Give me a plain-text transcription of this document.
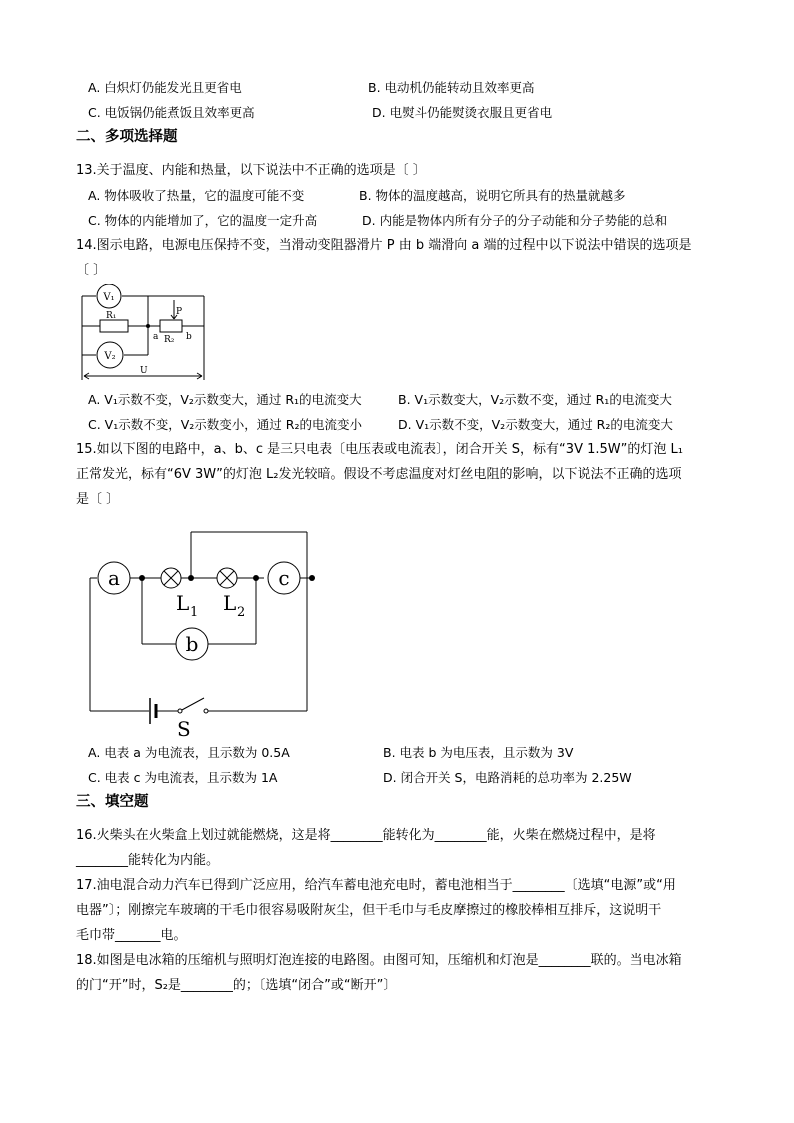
A. 白炽灯仍能发光且更省电	B. 电动机仍能转动且效率更高
C. 电饭锅仍能煮饭且效率更高	D. 电熨斗仍能熨烫衣服且更省电
二、多项选择题
13.关于温度、内能和热量，以下说法中不正确的选项是〔 〕
A. 物体吸收了热量，它的温度可能不变	B. 物体的温度越高，说明它所具有的热量就越多
C. 物体的内能增加了，它的温度一定升高	D. 内能是物体内所有分子的分子动能和分子势能的总和
14.图示电路，电源电压保持不变，当滑动变阻器滑片 P 由 b 端滑向 a 端的过程中以下说法中错误的选项是
〔 〕
V₁
V₂
R₁
R₂
P
a	b
U
A. V₁示数不变，V₂示数变大，通过 R₁的电流变大	B. V₁示数变大，V₂示数不变，通过 R₁的电流变大
C. V₁示数不变，V₂示数变小，通过 R₂的电流变小	D. V₁示数不变，V₂示数变大，通过 R₂的电流变大
15.如以下图的电路中，a、b、c 是三只电表〔电压表或电流表〕，闭合开关 S，标有“3V 1.5W”的灯泡 L₁
正常发光，标有“6V 3W”的灯泡 L₂发光较暗。假设不考虑温度对灯丝电阻的影响，以下说法不正确的选项
是〔 〕
a
b
c
L 1 L 2
S
A. 电表 a 为电流表，且示数为 0.5A	B. 电表 b 为电压表，且示数为 3V
C. 电表 c 为电流表，且示数为 1A	D. 闭合开关 S，电路消耗的总功率为 2.25W
三、填空题
16.火柴头在火柴盒上划过就能燃烧，这是将________能转化为________能，火柴在燃烧过程中，是将
________能转化为内能。
17.油电混合动力汽车已得到广泛应用，给汽车蓄电池充电时，蓄电池相当于________〔选填“电源”或“用
电器”〕；刚擦完车玻璃的干毛巾很容易吸附灰尘，但干毛巾与毛皮摩擦过的橡胶棒相互排斥，这说明干
毛巾带_______电。
18.如图是电冰箱的压缩机与照明灯泡连接的电路图。由图可知，压缩机和灯泡是________联的。当电冰箱
的门“开”时，S₂是________的；〔选填“闭合”或“断开”〕
